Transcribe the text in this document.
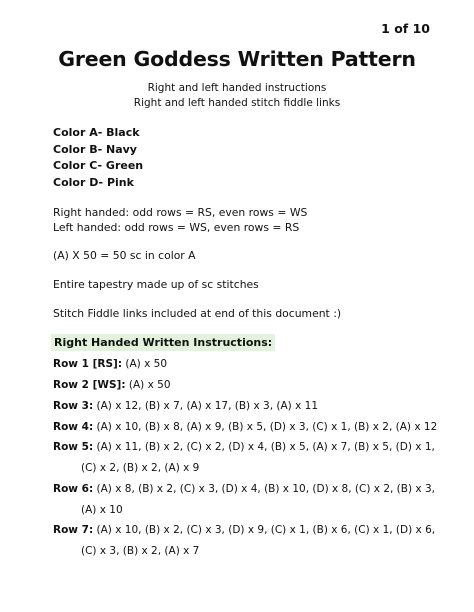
1 of 10
Green Goddess Written Pattern
Right and left handed instructions
Right and left handed stitch fiddle links
Color A- Black
Color B- Navy
Color C- Green
Color D- Pink
Right handed: odd rows = RS, even rows = WS
Left handed: odd rows = WS, even rows = RS
(A) X 50 = 50 sc in color A
Entire tapestry made up of sc stitches
Stitch Fiddle links included at end of this document :)
Right Handed Written Instructions:
Row 1 [RS]: (A) x 50
Row 2 [WS]: (A) x 50
Row 3: (A) x 12, (B) x 7, (A) x 17, (B) x 3, (A) x 11
Row 4: (A) x 10, (B) x 8, (A) x 9, (B) x 5, (D) x 3, (C) x 1, (B) x 2, (A) x 12
Row 5: (A) x 11, (B) x 2, (C) x 2, (D) x 4, (B) x 5, (A) x 7, (B) x 5, (D) x 1,
(C) x 2, (B) x 2, (A) x 9
Row 6: (A) x 8, (B) x 2, (C) x 3, (D) x 4, (B) x 10, (D) x 8, (C) x 2, (B) x 3,
(A) x 10
Row 7: (A) x 10, (B) x 2, (C) x 3, (D) x 9, (C) x 1, (B) x 6, (C) x 1, (D) x 6,
(C) x 3, (B) x 2, (A) x 7
